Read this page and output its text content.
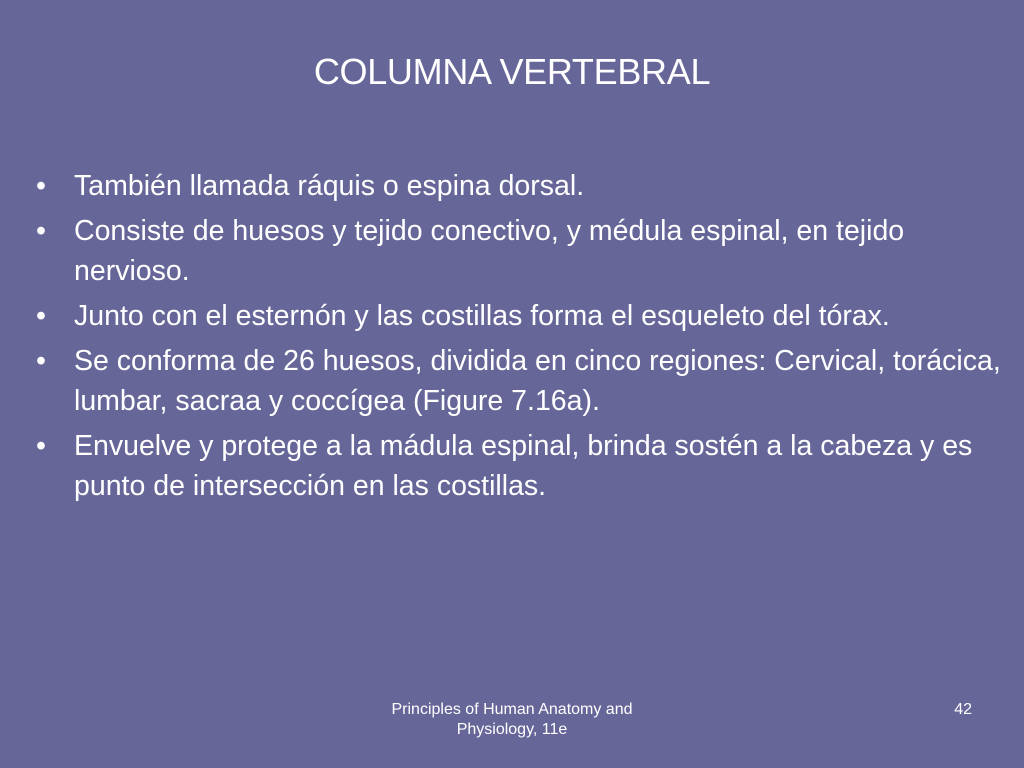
COLUMNA VERTEBRAL
• También llamada ráquis o espina dorsal.
• Consiste de huesos y tejido conectivo, y médula espinal, en tejido nervioso.
• Junto con el esternón y las costillas forma el esqueleto del tórax.
• Se conforma de 26 huesos, dividida en cinco regiones: Cervical, torácica, lumbar, sacraa y coccígea (Figure 7.16a).
• Envuelve y protege a la mádula espinal, brinda sostén a la cabeza y es punto de intersección en las costillas.
Principles of Human Anatomy and
Physiology, 11e
42
